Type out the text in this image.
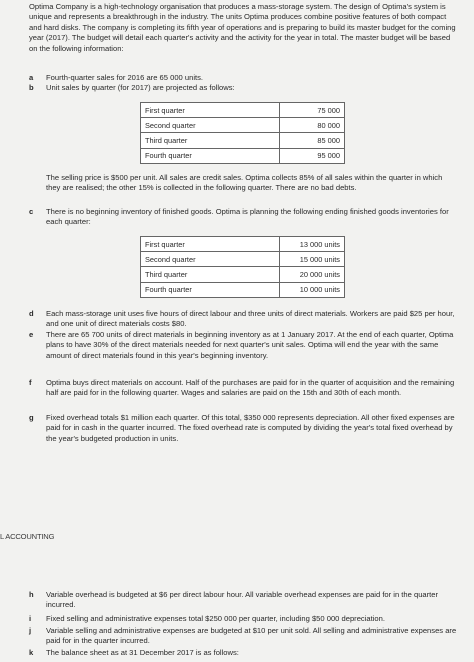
Optima Company is a high-technology organisation that produces a mass-storage system. The design of Optima's system is unique and represents a breakthrough in the industry. The units Optima produces combine positive features of both compact and hard disks. The company is completing its fifth year of operations and is preparing to build its master budget for the coming year (2017). The budget will detail each quarter's activity and the activity for the year in total. The master budget will be based on the following information:

a	Fourth-quarter sales for 2016 are 65 000 units.
b	Unit sales by quarter (for 2017) are projected as follows:
First quarter	75 000
Second quarter	80 000
Third quarter	85 000
Fourth quarter	95 000

The selling price is $500 per unit. All sales are credit sales. Optima collects 85% of all sales within the quarter in which they are realised; the other 15% is collected in the following quarter. There are no bad debts.

c	There is no beginning inventory of finished goods. Optima is planning the following ending finished goods inventories for each quarter:
First quarter	13 000 units
Second quarter	15 000 units
Third quarter	20 000 units
Fourth quarter	10 000 units
d	Each mass-storage unit uses five hours of direct labour and three units of direct materials. Workers are paid $25 per hour, and one unit of direct materials costs $80.
e	There are 65 700 units of direct materials in beginning inventory as at 1 January 2017. At the end of each quarter, Optima plans to have 30% of the direct materials needed for next quarter's unit sales. Optima will end the year with the same amount of direct materials found in this year's beginning inventory.
f	Optima buys direct materials on account. Half of the purchases are paid for in the quarter of acquisition and the remaining half are paid for in the following quarter. Wages and salaries are paid on the 15th and 30th of each month.
g	Fixed overhead totals $1 million each quarter. Of this total, $350 000 represents depreciation. All other fixed expenses are paid for in cash in the quarter incurred. The fixed overhead rate is computed by dividing the year's total fixed overhead by the year's budgeted production in units.
L ACCOUNTING
h	Variable overhead is budgeted at $6 per direct labour hour. All variable overhead expenses are paid for in the quarter incurred.
i	Fixed selling and administrative expenses total $250 000 per quarter, including $50 000 depreciation.
j	Variable selling and administrative expenses are budgeted at $10 per unit sold. All selling and administrative expenses are paid for in the quarter incurred.
k	The balance sheet as at 31 December 2017 is as follows:
